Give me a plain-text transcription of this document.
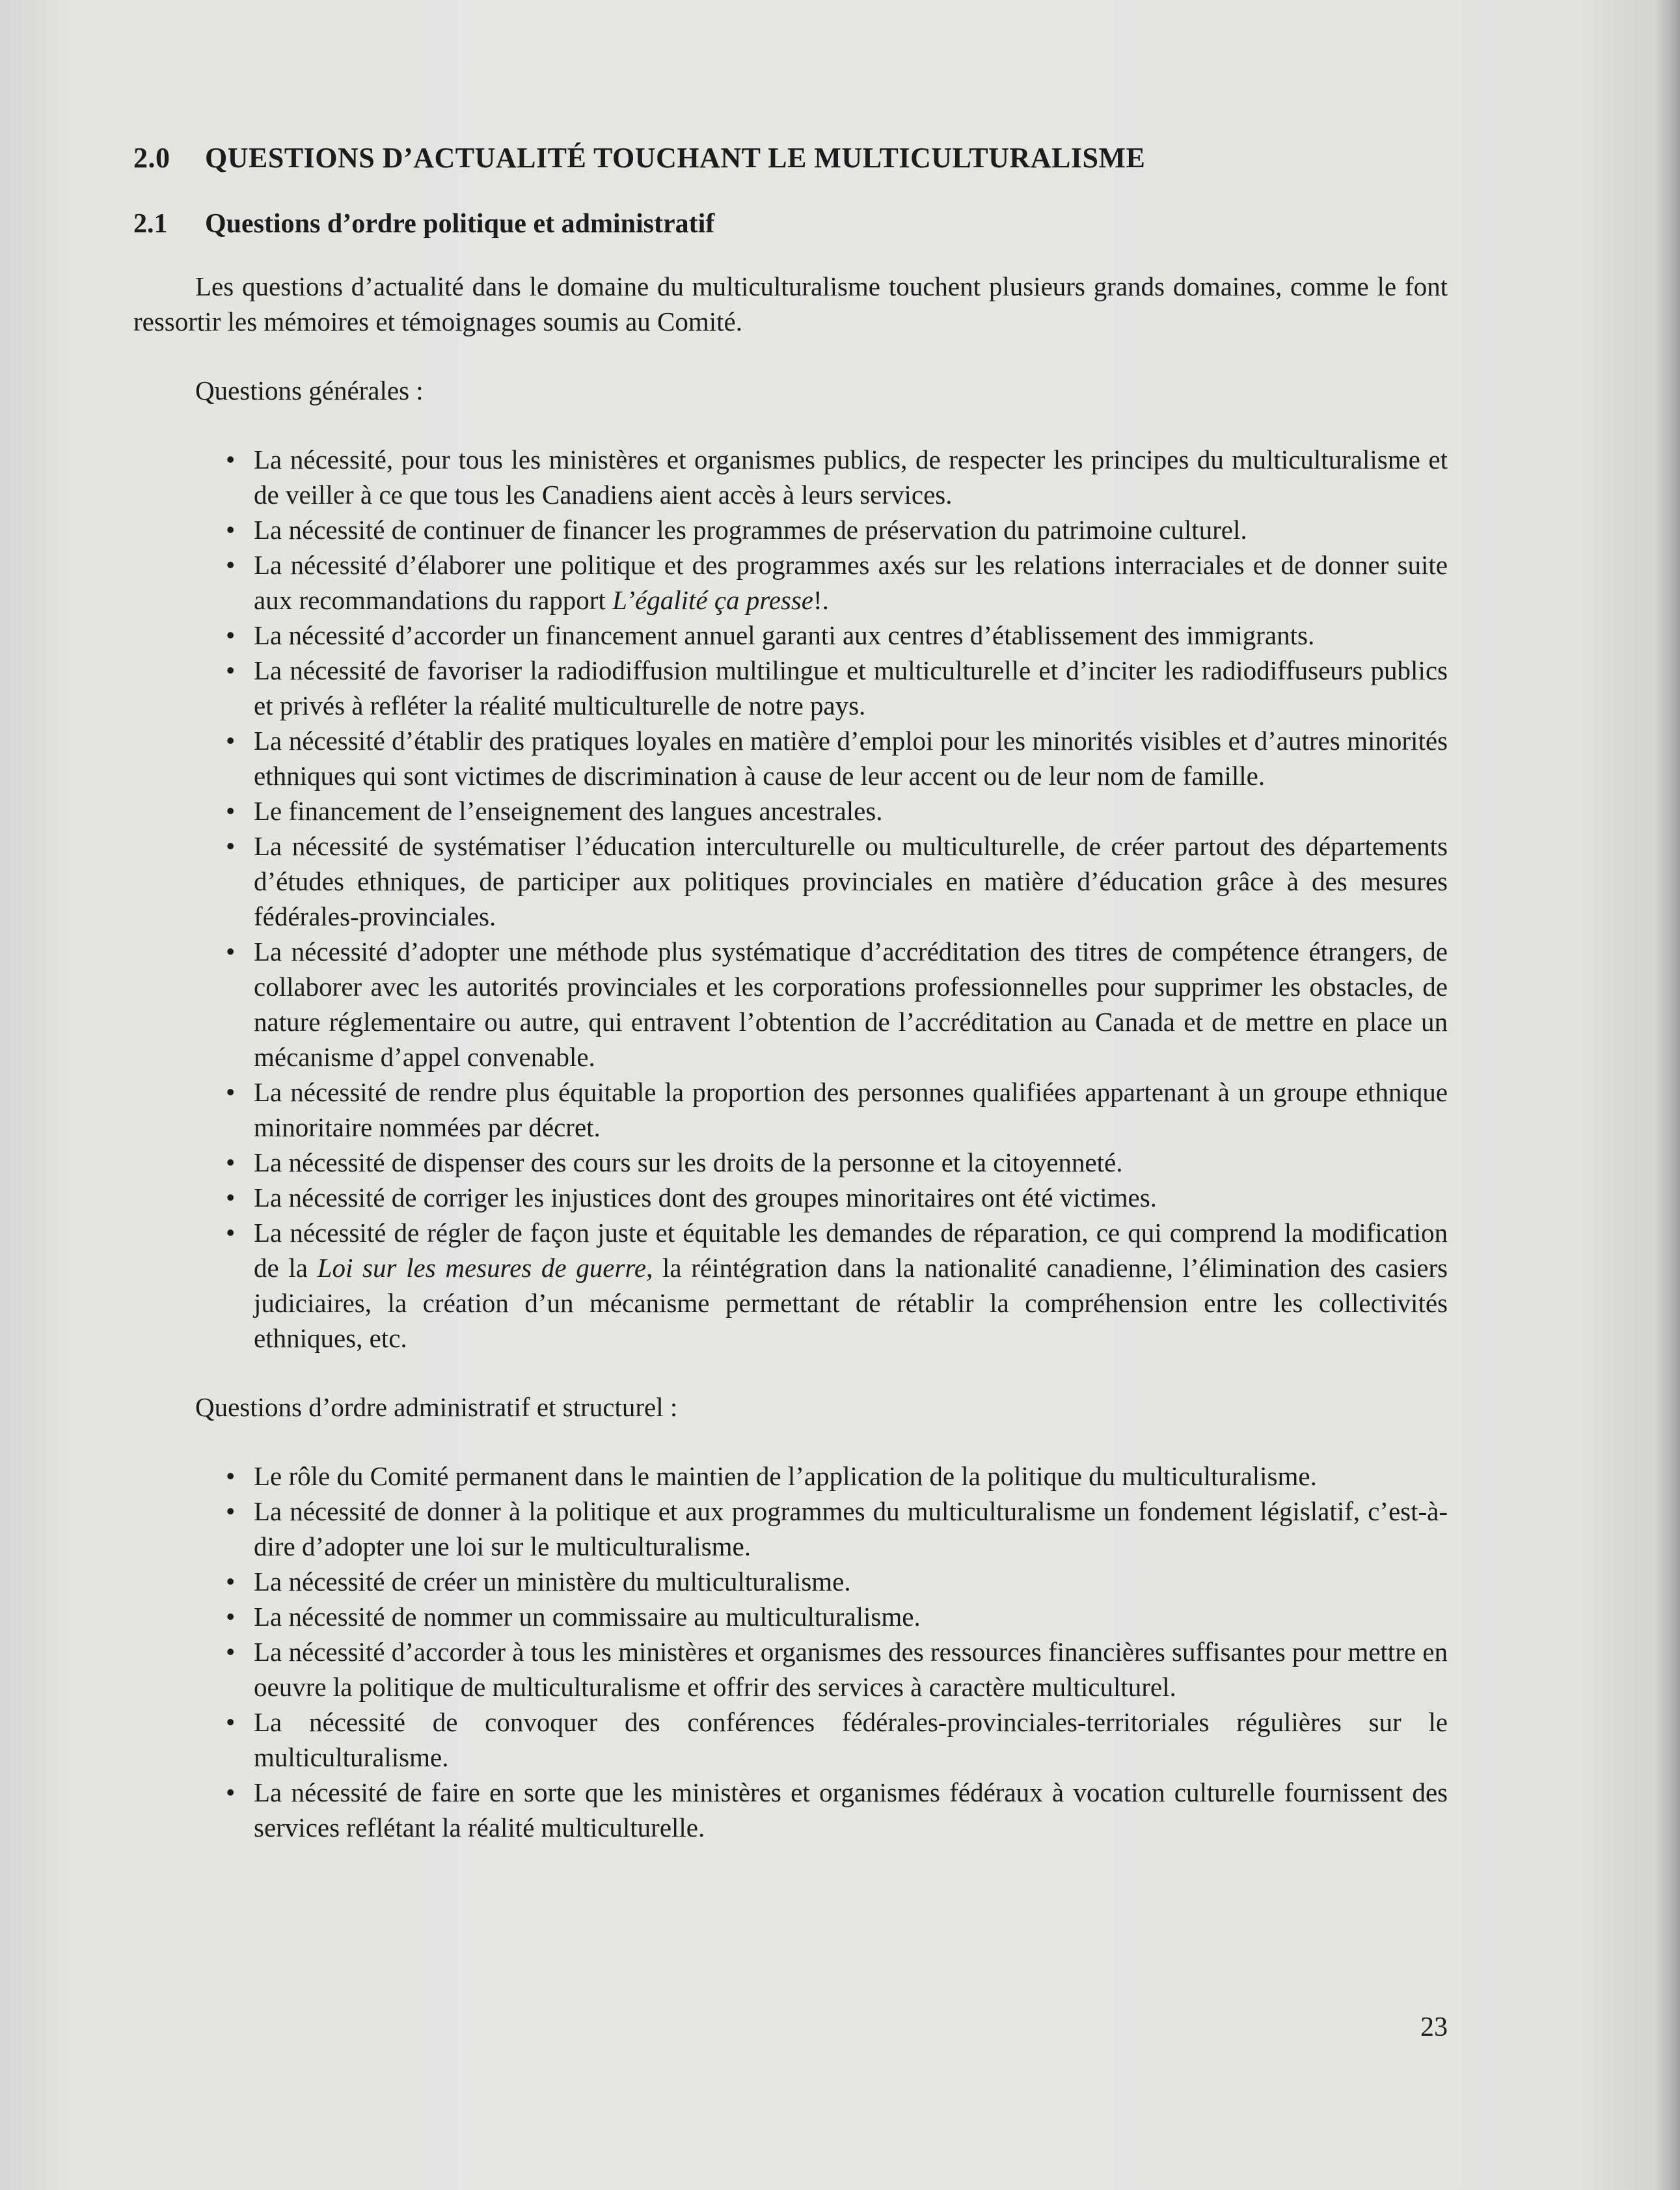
2.0 QUESTIONS D’ACTUALITÉ TOUCHANT LE MULTICULTURALISME
2.1 Questions d’ordre politique et administratif

Les questions d’actualité dans le domaine du multiculturalisme touchent plusieurs grands domaines, comme le font ressortir les mémoires et témoignages soumis au Comité.

Questions générales :

• La nécessité, pour tous les ministères et organismes publics, de respecter les principes du multiculturalisme et de veiller à ce que tous les Canadiens aient accès à leurs services.
• La nécessité de continuer de financer les programmes de préservation du patrimoine culturel.
• La nécessité d’élaborer une politique et des programmes axés sur les relations interraciales et de donner suite aux recommandations du rapport L’égalité ça presse!.
• La nécessité d’accorder un financement annuel garanti aux centres d’établissement des immigrants.
• La nécessité de favoriser la radiodiffusion multilingue et multiculturelle et d’inciter les radiodiffuseurs publics et privés à refléter la réalité multiculturelle de notre pays.
• La nécessité d’établir des pratiques loyales en matière d’emploi pour les minorités visibles et d’autres minorités ethniques qui sont victimes de discrimination à cause de leur accent ou de leur nom de famille.
• Le financement de l’enseignement des langues ancestrales.
• La nécessité de systématiser l’éducation interculturelle ou multiculturelle, de créer partout des départements d’études ethniques, de participer aux politiques provinciales en matière d’éducation grâce à des mesures fédérales-provinciales.
• La nécessité d’adopter une méthode plus systématique d’accréditation des titres de compétence étrangers, de collaborer avec les autorités provinciales et les corporations professionnelles pour supprimer les obstacles, de nature réglementaire ou autre, qui entravent l’obtention de l’accréditation au Canada et de mettre en place un mécanisme d’appel convenable.
• La nécessité de rendre plus équitable la proportion des personnes qualifiées appartenant à un groupe ethnique minoritaire nommées par décret.
• La nécessité de dispenser des cours sur les droits de la personne et la citoyenneté.
• La nécessité de corriger les injustices dont des groupes minoritaires ont été victimes.
• La nécessité de régler de façon juste et équitable les demandes de réparation, ce qui comprend la modification de la Loi sur les mesures de guerre, la réintégration dans la nationalité canadienne, l’élimination des casiers judiciaires, la création d’un mécanisme permettant de rétablir la compréhension entre les collectivités ethniques, etc.

Questions d’ordre administratif et structurel :

• Le rôle du Comité permanent dans le maintien de l’application de la politique du multiculturalisme.
• La nécessité de donner à la politique et aux programmes du multiculturalisme un fondement législatif, c’est-à-dire d’adopter une loi sur le multiculturalisme.
• La nécessité de créer un ministère du multiculturalisme.
• La nécessité de nommer un commissaire au multiculturalisme.
• La nécessité d’accorder à tous les ministères et organismes des ressources financières suffisantes pour mettre en oeuvre la politique de multiculturalisme et offrir des services à caractère multiculturel.
• La nécessité de convoquer des conférences fédérales-provinciales-territoriales régulières sur le multiculturalisme.
• La nécessité de faire en sorte que les ministères et organismes fédéraux à vocation culturelle fournissent des services reflétant la réalité multiculturelle.
23
